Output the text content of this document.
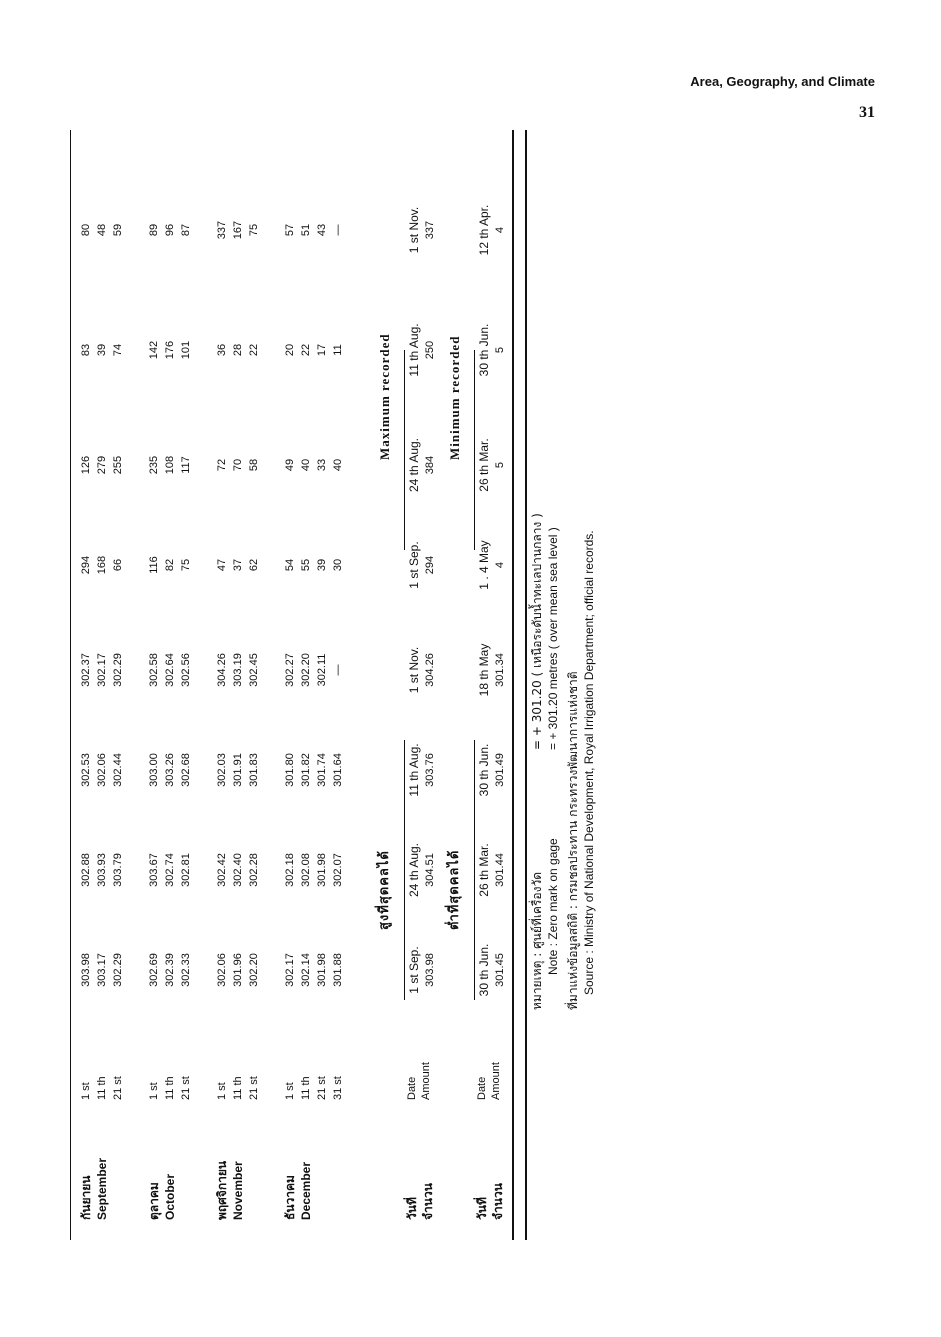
Area, Geography, and Climate
31
กันยายน September
1 st
303.98
302.88
302.53
302.37
294
126
83
80
11 th
303.17
303.93
302.06
302.17
168
279
39
48
21 st
302.29
303.79
302.44
302.29
66
255
74
59
ตุลาคม October
1 st
302.69
303.67
303.00
302.58
116
235
142
89
11 th
302.39
302.74
303.26
302.64
82
108
176
96
21 st
302.33
302.81
302.68
302.56
75
117
101
87
พฤศจิกายน November
1 st
302.06
302.42
302.03
304.26
47
72
36
337
11 th
301.96
302.40
301.91
303.19
37
70
28
167
21 st
302.20
302.28
301.83
302.45
62
58
22
75
ธันวาคม December
1 st
302.17
302.18
301.80
302.27
54
49
20
57
11 th
302.14
302.08
301.82
302.20
55
40
22
51
21 st
301.98
301.98
301.74
302.11
39
33
17
43
31 st
301.88
302.07
301.64
—
30
40
11
—
สูงที่สุดคลได้
Maximum recorded
วันที่ จำนวน
Date Amount
1 st Sep.
24 th Aug.
11 th Aug.
1 st Nov.
1 st Sep.
24 th Aug.
11 th Aug.
1 st Nov.
303.98
304.51
303.76
304.26
294
384
250
337
ต่ำที่สุดคลได้
Minimum recorded
วันที่ จำนวน
Date Amount
30 th Jun.
26 th Mar.
30 th Jun.
18 th May
1 . 4 May
26 th Mar.
30 th Jun.
12 th Apr.
301.45
301.44
301.49
301.34
4
5
5
4
หมายเหตุ : ศูนย์ที่เครื่องวัด
= + 301.20 ( เหนือระดับน้ำทะเลปานกลาง )
Note : Zero mark on gage
= + 301.20 metres ( over mean sea level )
ที่มาแห่งข้อมูลสถิติ : กรมชลประทาน กระทรวงพัฒนาการแห่งชาติ Source : Ministry of National Development, Royal Irrigation Department; official records.
